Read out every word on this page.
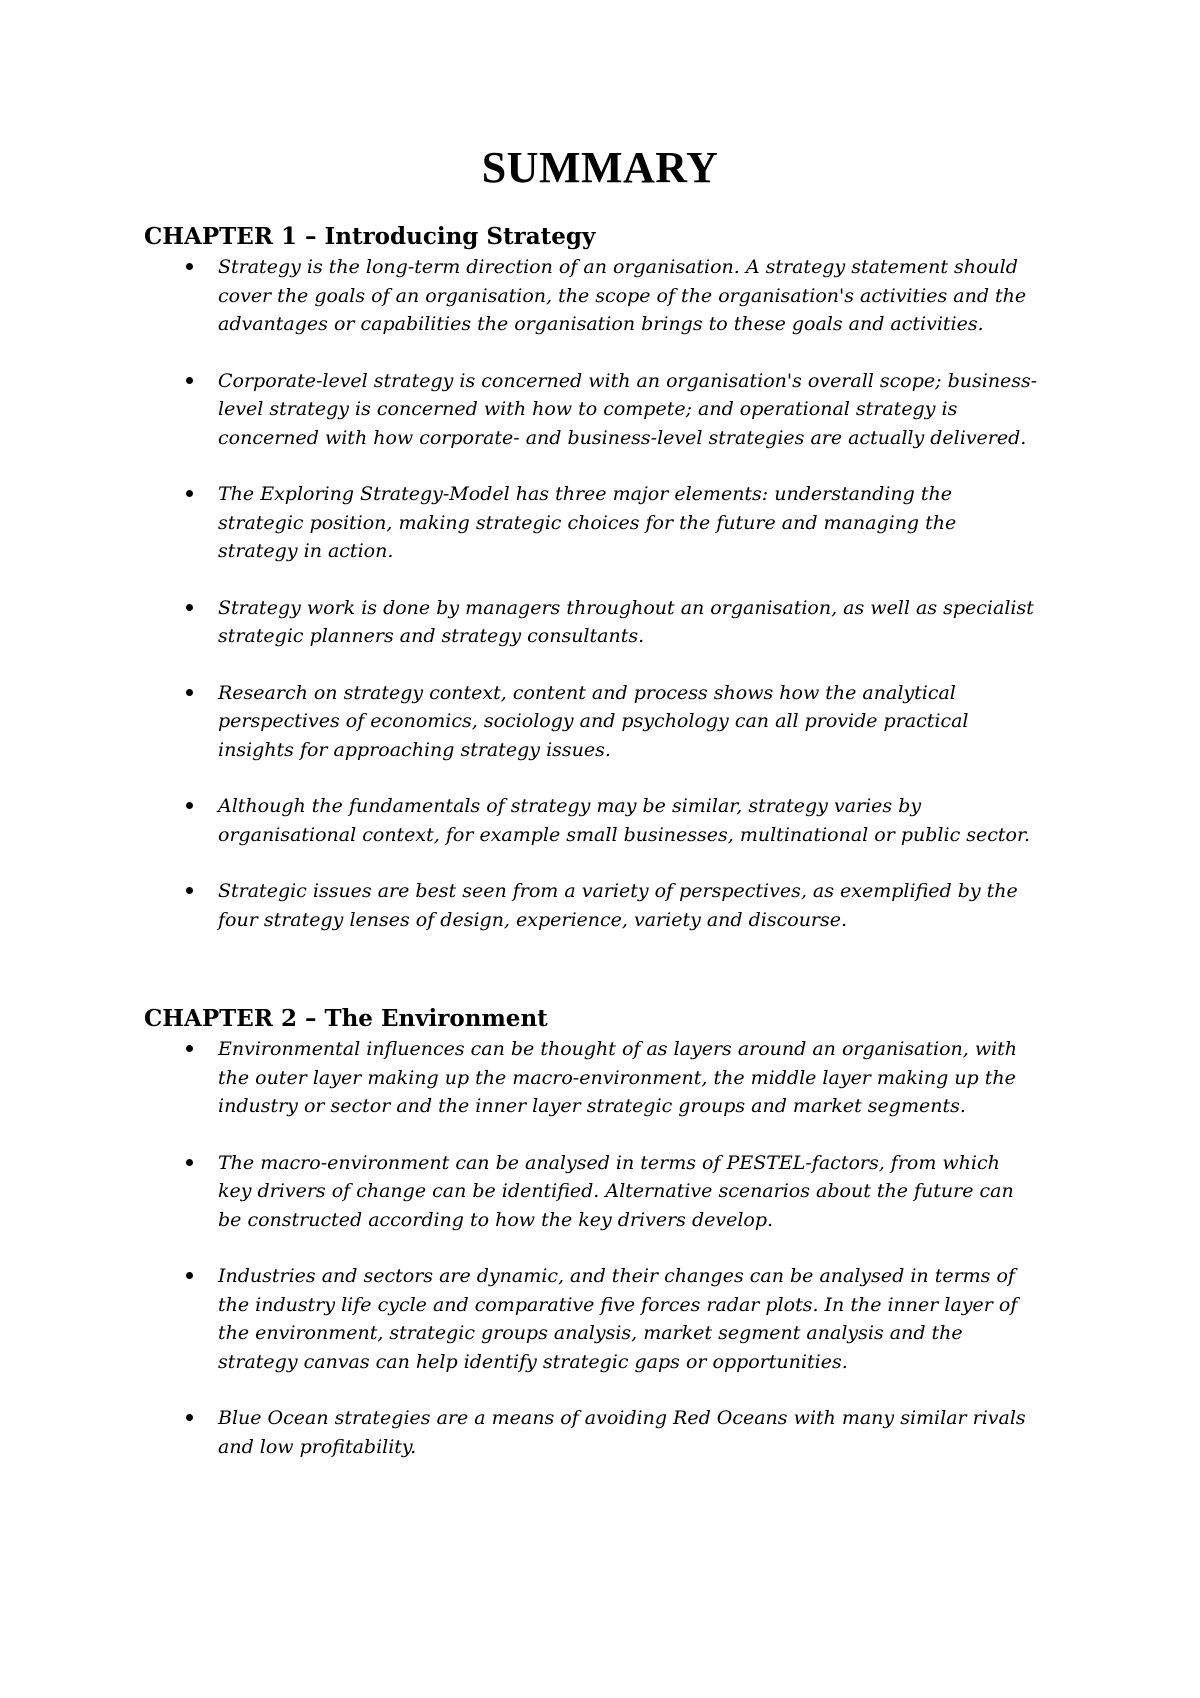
SUMMARY
CHAPTER 1 – Introducing Strategy
Strategy is the long-term direction of an organisation. A strategy statement should
cover the goals of an organisation, the scope of the organisation's activities and the
advantages or capabilities the organisation brings to these goals and activities.
Corporate-level strategy is concerned with an organisation's overall scope; business-
level strategy is concerned with how to compete; and operational strategy is
concerned with how corporate- and business-level strategies are actually delivered.
The Exploring Strategy-Model has three major elements: understanding the
strategic position, making strategic choices for the future and managing the
strategy in action.
Strategy work is done by managers throughout an organisation, as well as specialist
strategic planners and strategy consultants.
Research on strategy context, content and process shows how the analytical
perspectives of economics, sociology and psychology can all provide practical
insights for approaching strategy issues.
Although the fundamentals of strategy may be similar, strategy varies by
organisational context, for example small businesses, multinational or public sector.
Strategic issues are best seen from a variety of perspectives, as exemplified by the
four strategy lenses of design, experience, variety and discourse.
CHAPTER 2 – The Environment
Environmental influences can be thought of as layers around an organisation, with
the outer layer making up the macro-environment, the middle layer making up the
industry or sector and the inner layer strategic groups and market segments.
The macro-environment can be analysed in terms of PESTEL-factors, from which
key drivers of change can be identified. Alternative scenarios about the future can
be constructed according to how the key drivers develop.
Industries and sectors are dynamic, and their changes can be analysed in terms of
the industry life cycle and comparative five forces radar plots. In the inner layer of
the environment, strategic groups analysis, market segment analysis and the
strategy canvas can help identify strategic gaps or opportunities.
Blue Ocean strategies are a means of avoiding Red Oceans with many similar rivals
and low profitability.
